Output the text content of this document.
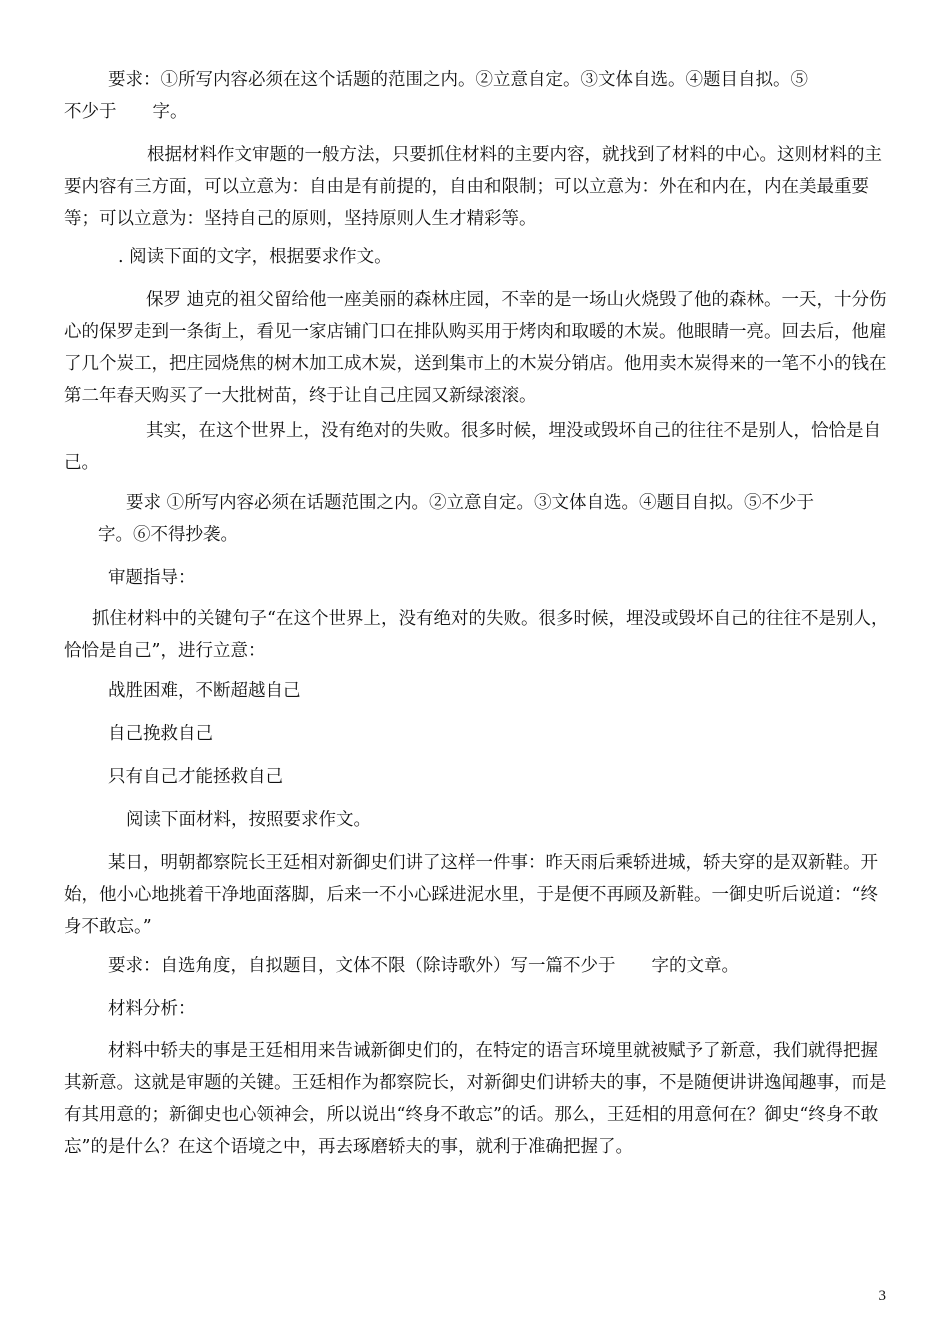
要求：①所写内容必须在这个话题的范围之内。②立意自定。③文体自选。④题目自拟。⑤

不少于 字。

根据材料作文审题的一般方法，只要抓住材料的主要内容，就找到了材料的中心。这则材料的主要内容有三方面，可以立意为：自由是有前提的，自由和限制；可以立意为：外在和内在，内在美最重要等；可以立意为：坚持自己的原则，坚持原则人生才精彩等。

. 阅读下面的文字，根据要求作文。

保罗 迪克的祖父留给他一座美丽的森林庄园，不幸的是一场山火烧毁了他的森林。一天，十分伤心的保罗走到一条街上，看见一家店铺门口在排队购买用于烤肉和取暖的木炭。他眼睛一亮。回去后，他雇了几个炭工，把庄园烧焦的树木加工成木炭，送到集市上的木炭分销店。他用卖木炭得来的一笔不小的钱在第二年春天购买了一大批树苗，终于让自己庄园又新绿滚滚。

其实，在这个世界上，没有绝对的失败。很多时候，埋没或毁坏自己的往往不是别人，恰恰是自己。

要求 ①所写内容必须在话题范围之内。②立意自定。③文体自选。④题目自拟。⑤不少于

字。⑥不得抄袭。

审题指导：

抓住材料中的关键句子“在这个世界上，没有绝对的失败。很多时候，埋没或毁坏自己的往往不是别人，恰恰是自己”，进行立意：

战胜困难，不断超越自己

自己挽救自己

只有自己才能拯救自己

阅读下面材料，按照要求作文。

某日，明朝都察院长王廷相对新御史们讲了这样一件事：昨天雨后乘轿进城，轿夫穿的是双新鞋。开始，他小心地挑着干净地面落脚，后来一不小心踩进泥水里，于是便不再顾及新鞋。一御史听后说道：“终身不敢忘。”

要求：自选角度，自拟题目，文体不限（除诗歌外）写一篇不少于 字的文章。

材料分析：

材料中轿夫的事是王廷相用来告诫新御史们的，在特定的语言环境里就被赋予了新意，我们就得把握其新意。这就是审题的关键。王廷相作为都察院长，对新御史们讲轿夫的事，不是随便讲讲逸闻趣事，而是有其用意的；新御史也心领神会，所以说出“终身不敢忘”的话。那么，王廷相的用意何在？御史“终身不敢忘”的是什么？在这个语境之中，再去琢磨轿夫的事，就利于准确把握了。

3
